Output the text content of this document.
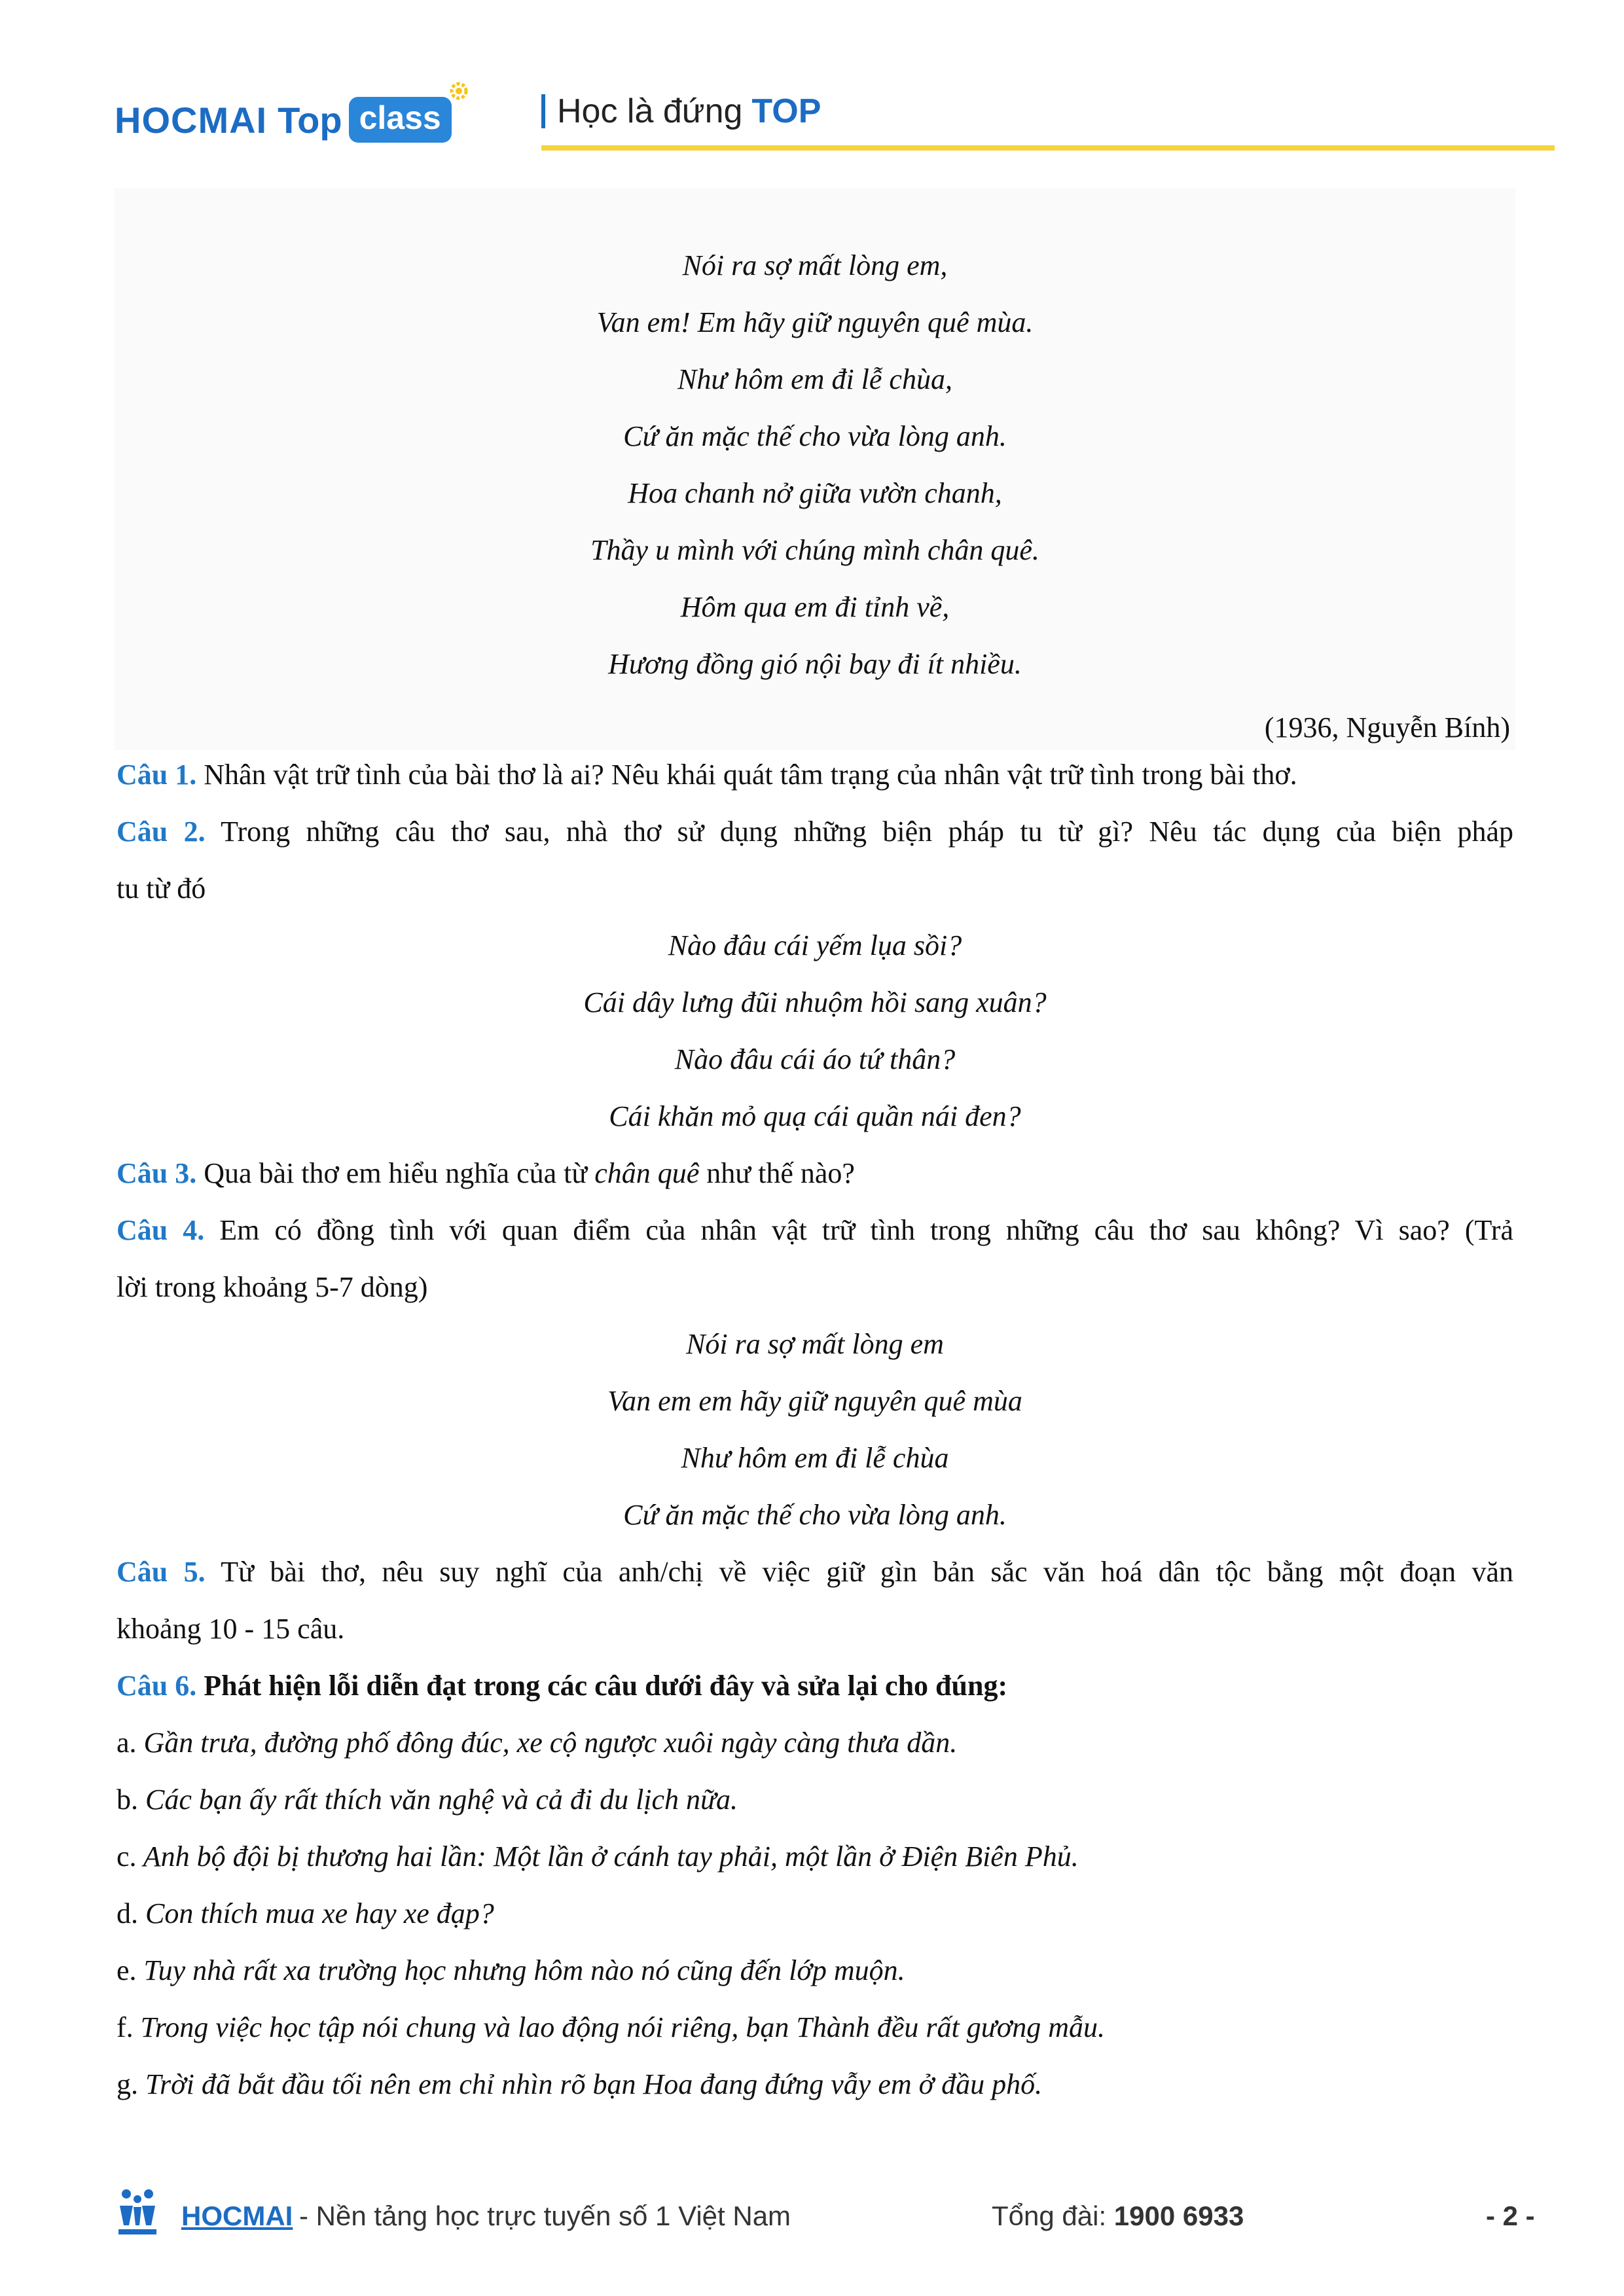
HOCMAI Top class	Học là đứng TOP
Nói ra sợ mất lòng em,
Van em! Em hãy giữ nguyên quê mùa.
Như hôm em đi lễ chùa,
Cứ ăn mặc thế cho vừa lòng anh.
Hoa chanh nở giữa vườn chanh,
Thầy u mình với chúng mình chân quê.
Hôm qua em đi tỉnh về,
Hương đồng gió nội bay đi ít nhiều.
(1936, Nguyễn Bính)
Câu 1. Nhân vật trữ tình của bài thơ là ai? Nêu khái quát tâm trạng của nhân vật trữ tình trong bài thơ.
Câu 2. Trong những câu thơ sau, nhà thơ sử dụng những biện pháp tu từ gì? Nêu tác dụng của biện pháp
tu từ đó
Nào đâu cái yếm lụa sồi?
Cái dây lưng đũi nhuộm hồi sang xuân?
Nào đâu cái áo tứ thân?
Cái khăn mỏ quạ cái quần nái đen?
Câu 3. Qua bài thơ em hiểu nghĩa của từ chân quê như thế nào?
Câu 4. Em có đồng tình với quan điểm của nhân vật trữ tình trong những câu thơ sau không? Vì sao? (Trả
lời trong khoảng 5-7 dòng)
Nói ra sợ mất lòng em
Van em em hãy giữ nguyên quê mùa
Như hôm em đi lễ chùa
Cứ ăn mặc thế cho vừa lòng anh.
Câu 5. Từ bài thơ, nêu suy nghĩ của anh/chị về việc giữ gìn bản sắc văn hoá dân tộc bằng một đoạn văn
khoảng 10 - 15 câu.
Câu 6. Phát hiện lỗi diễn đạt trong các câu dưới đây và sửa lại cho đúng:
a. Gần trưa, đường phố đông đúc, xe cộ ngược xuôi ngày càng thưa dần.
b. Các bạn ấy rất thích văn nghệ và cả đi du lịch nữa.
c. Anh bộ đội bị thương hai lần: Một lần ở cánh tay phải, một lần ở Điện Biên Phủ.
d. Con thích mua xe hay xe đạp?
e. Tuy nhà rất xa trường học nhưng hôm nào nó cũng đến lớp muộn.
f. Trong việc học tập nói chung và lao động nói riêng, bạn Thành đều rất gương mẫu.
g. Trời đã bắt đầu tối nên em chỉ nhìn rõ bạn Hoa đang đứng vẫy em ở đầu phố.
HOCMAI - Nền tảng học trực tuyến số 1 Việt Nam	Tổng đài: 1900 6933	- 2 -
